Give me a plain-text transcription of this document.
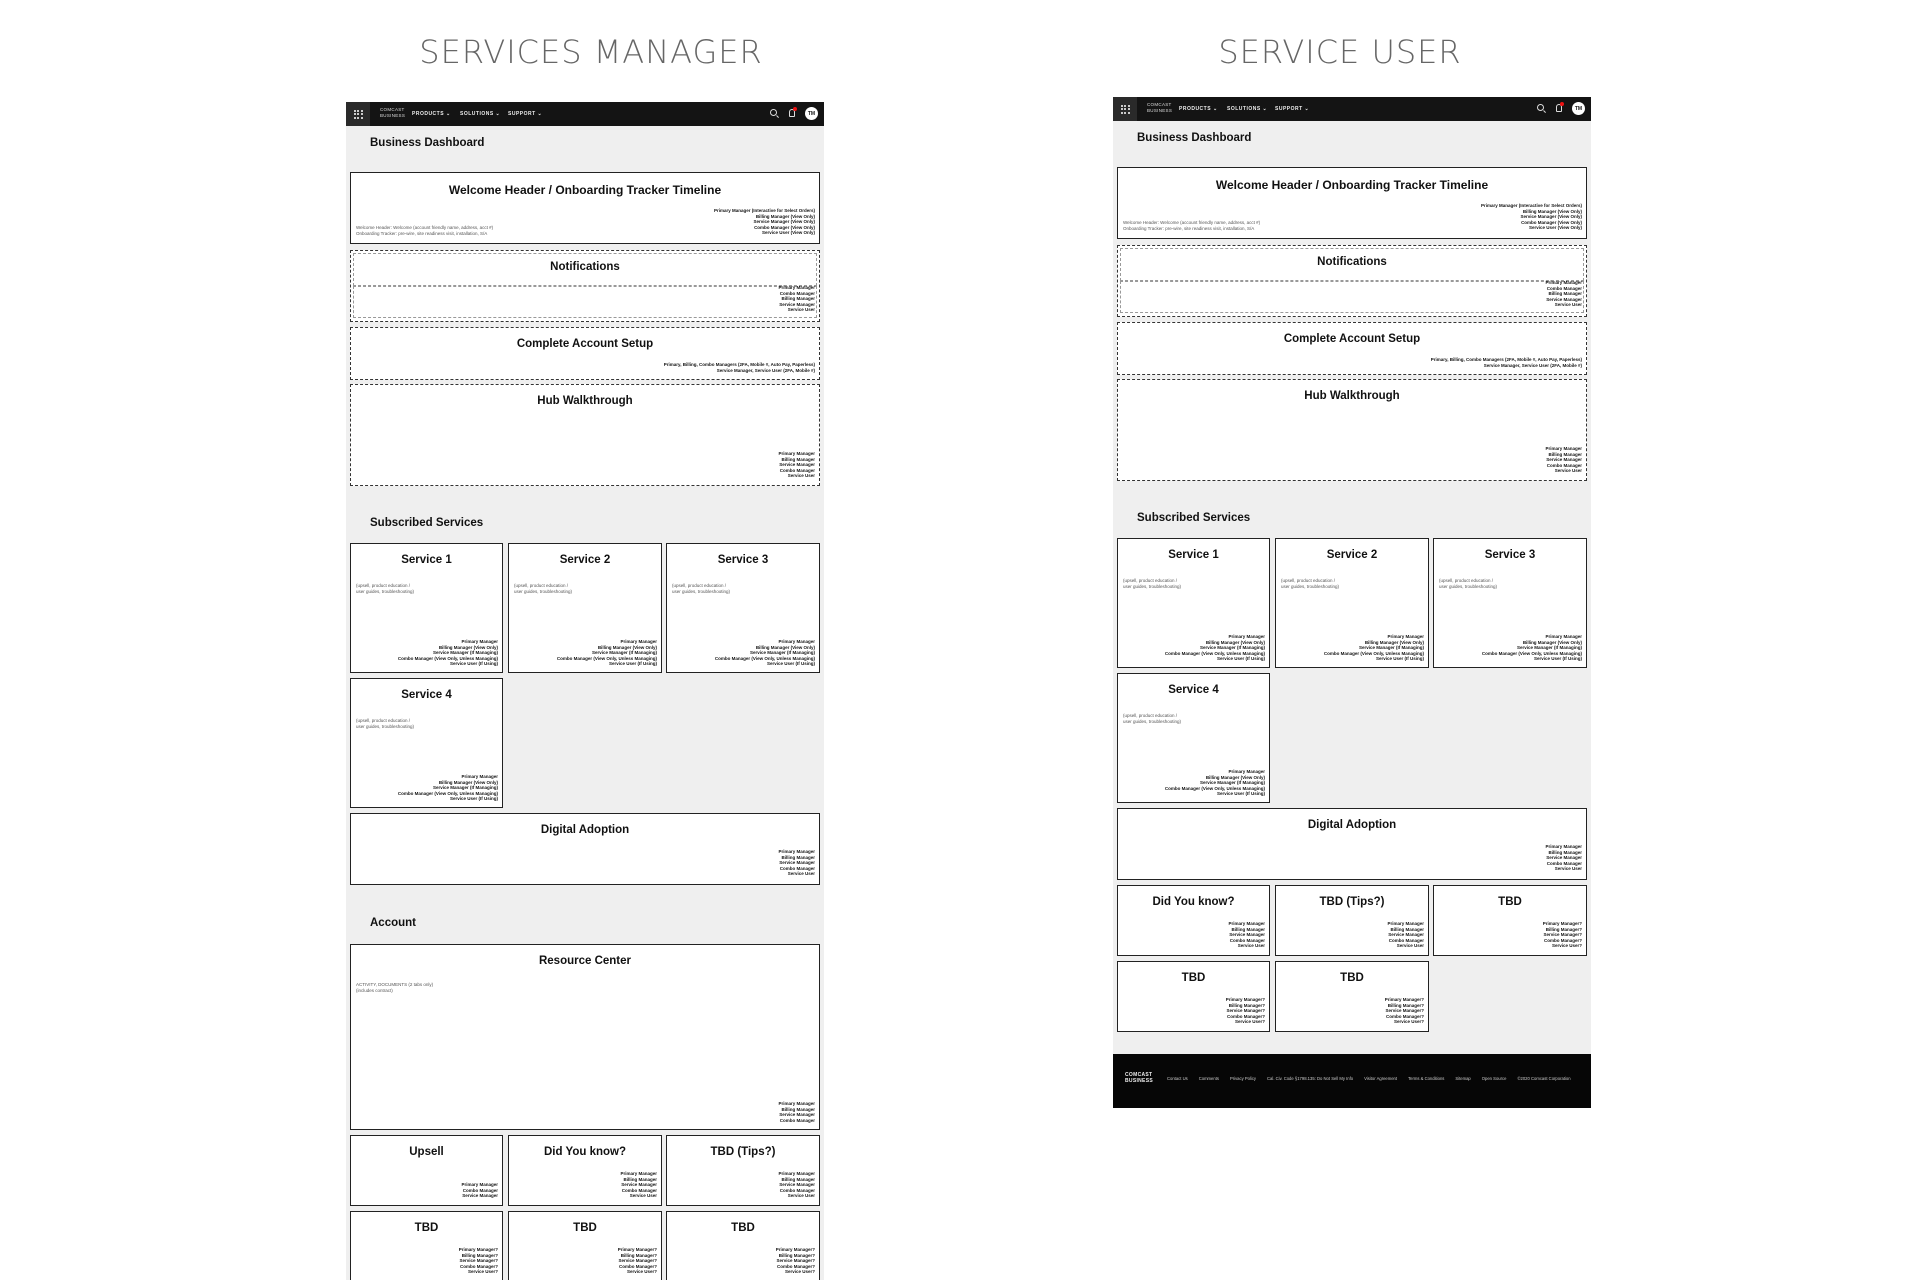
SERVICES MANAGER
COMCAST
BUSINESS PRODUCTS ⌄ SOLUTIONS ⌄ SUPPORT ⌄	TM
Business Dashboard
Welcome Header / Onboarding Tracker Timeline
Primary Manager (Interactive for Select Orders)
Billing Manager (View Only)
Service Manager (View Only)
Combo Manager (View Only)
Service User (View Only)
Welcome Header: Welcome (account friendly name, address, acct #)
Onboarding Tracker: pre-wire, site readiness visit, installation, S/A
Notifications
Primary Manager
Combo Manager
Billing Manager
Service Manager
Service User
Complete Account Setup
Primary, Billing, Combo Managers (2FA, Mobile #, Auto Pay, Paperless)
Service Manager, Service User (2FA, Mobile #)
Hub Walkthrough
Primary Manager
Billing Manager
Service Manager
Combo Manager
Service User
Subscribed Services
Service 1
(upsell, product education /
user guides, troubleshooting)
Primary Manager
Billing Manager (View Only)
Service Manager (If Managing)
Combo Manager (View Only, Unless Managing)
Service User (If Using)
Service 2
(upsell, product education /
user guides, troubleshooting)
Primary Manager
Billing Manager (View Only)
Service Manager (If Managing)
Combo Manager (View Only, Unless Managing)
Service User (If Using)
Service 3
(upsell, product education /
user guides, troubleshooting)
Primary Manager
Billing Manager (View Only)
Service Manager (If Managing)
Combo Manager (View Only, Unless Managing)
Service User (If Using)
Service 4
(upsell, product education /
user guides, troubleshooting)
Primary Manager
Billing Manager (View Only)
Service Manager (If Managing)
Combo Manager (View Only, Unless Managing)
Service User (If Using)
Digital Adoption
Primary Manager
Billing Manager
Service Manager
Combo Manager
Service User
Account
Resource Center
ACTIVITY, DOCUMENTS (2 tabs only)
(includes contract)
Primary Manager
Billing Manager
Service Manager
Combo Manager
Upsell
Primary Manager
Combo Manager
Service Manager
Did You know?
Primary Manager
Billing Manager
Service Manager
Combo Manager
Service User
TBD (Tips?)
Primary Manager
Billing Manager
Service Manager
Combo Manager
Service User
TBD
Primary Manager?
Billing Manager?
Service Manager?
Combo Manager?
Service User?
TBD
Primary Manager?
Billing Manager?
Service Manager?
Combo Manager?
Service User?
TBD
Primary Manager?
Billing Manager?
Service Manager?
Combo Manager?
Service User?
SERVICE USER
COMCAST
BUSINESS PRODUCTS ⌄ SOLUTIONS ⌄ SUPPORT ⌄	TM
Business Dashboard
Welcome Header / Onboarding Tracker Timeline
Primary Manager (Interactive for Select Orders)
Billing Manager (View Only)
Service Manager (View Only)
Combo Manager (View Only)
Service User (View Only)
Welcome Header: Welcome (account friendly name, address, acct #)
Onboarding Tracker: pre-wire, site readiness visit, installation, S/A
Notifications
Primary Manager
Combo Manager
Billing Manager
Service Manager
Service User
Complete Account Setup
Primary, Billing, Combo Managers (2FA, Mobile #, Auto Pay, Paperless)
Service Manager, Service User (2FA, Mobile #)
Hub Walkthrough
Primary Manager
Billing Manager
Service Manager
Combo Manager
Service User
Subscribed Services
Service 1
(upsell, product education /
user guides, troubleshooting)
Primary Manager
Billing Manager (View Only)
Service Manager (If Managing)
Combo Manager (View Only, Unless Managing)
Service User (If Using)
Service 2
(upsell, product education /
user guides, troubleshooting)
Primary Manager
Billing Manager (View Only)
Service Manager (If Managing)
Combo Manager (View Only, Unless Managing)
Service User (If Using)
Service 3
(upsell, product education /
user guides, troubleshooting)
Primary Manager
Billing Manager (View Only)
Service Manager (If Managing)
Combo Manager (View Only, Unless Managing)
Service User (If Using)
Service 4
(upsell, product education /
user guides, troubleshooting)
Primary Manager
Billing Manager (View Only)
Service Manager (If Managing)
Combo Manager (View Only, Unless Managing)
Service User (If Using)
Digital Adoption
Primary Manager
Billing Manager
Service Manager
Combo Manager
Service User
Did You know?
Primary Manager
Billing Manager
Service Manager
Combo Manager
Service User
TBD (Tips?)
Primary Manager
Billing Manager
Service Manager
Combo Manager
Service User
TBD
Primary Manager?
Billing Manager?
Service Manager?
Combo Manager?
Service User?
TBD
Primary Manager?
Billing Manager?
Service Manager?
Combo Manager?
Service User?
TBD
Primary Manager?
Billing Manager?
Service Manager?
Combo Manager?
Service User?
COMCAST
BUSINESS	Contact Us	Comments	Privacy Policy	Cal. Civ. Code §1798.135: Do Not Sell My Info	Visitor Agreement	Terms & Conditions	Sitemap	Open Source	©2020 Comcast Corporation
